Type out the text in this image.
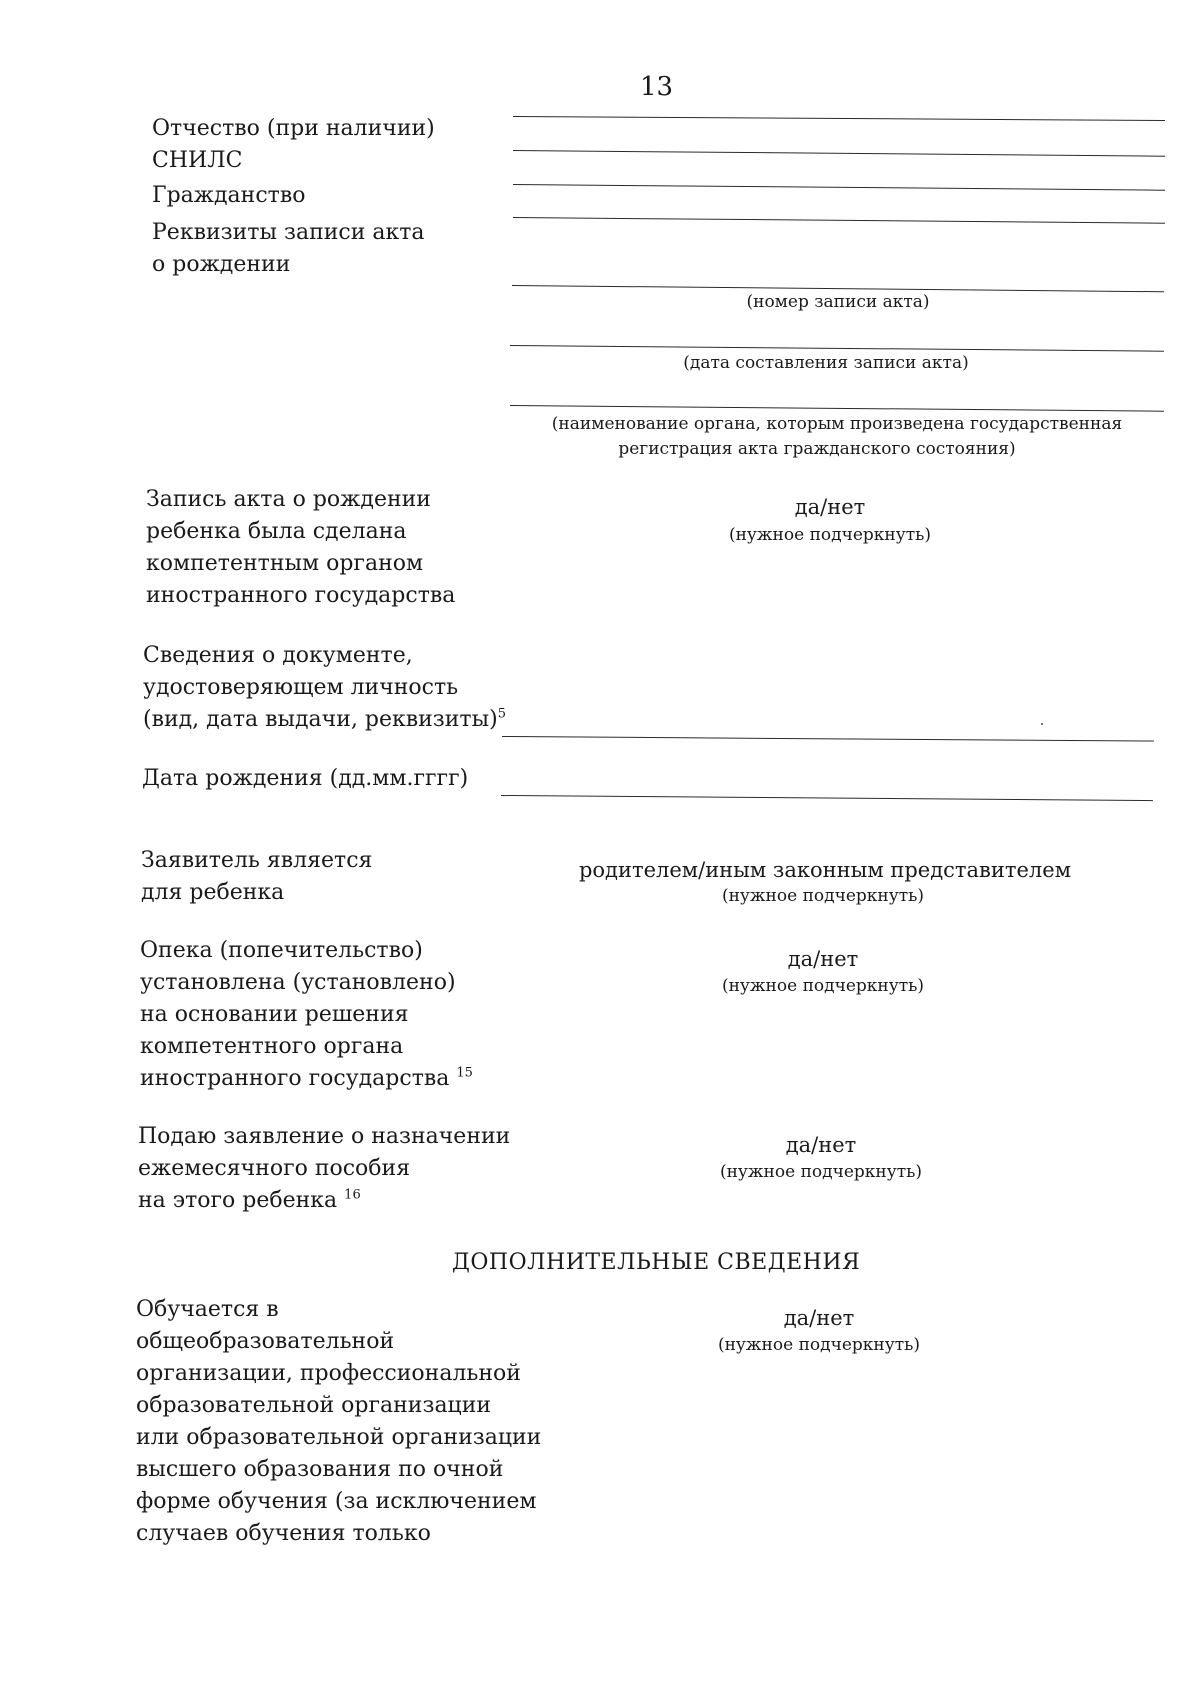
13
Отчество (при наличии)
СНИЛС
Гражданство
Реквизиты записи акта
о рождении
(номер записи акта)
(дата составления записи акта)
(наименование органа, которым произведена государственная
регистрация акта гражданского состояния)
Запись акта о рождении
ребенка была сделана
компетентным органом
иностранного государства
да/нет
(нужное подчеркнуть)
Сведения о документе,
удостоверяющем личность
(вид, дата выдачи, реквизиты)$^5$
Дата рождения (дд.мм.гггг)
Заявитель является
для ребенка
родителем/иным законным представителем
(нужное подчеркнуть)
Опека (попечительство)
установлена (установлено)
на основании решения
компетентного органа
иностранного государства $^{15}$
да/нет
(нужное подчеркнуть)
Подаю заявление о назначении
ежемесячного пособия
на этого ребенка $^{16}$
да/нет
(нужное подчеркнуть)
ДОПОЛНИТЕЛЬНЫЕ СВЕДЕНИЯ
Обучается в
общеобразовательной
организации, профессиональной
образовательной организации
или образовательной организации
высшего образования по очной
форме обучения (за исключением
случаев обучения только
да/нет
(нужное подчеркнуть)
